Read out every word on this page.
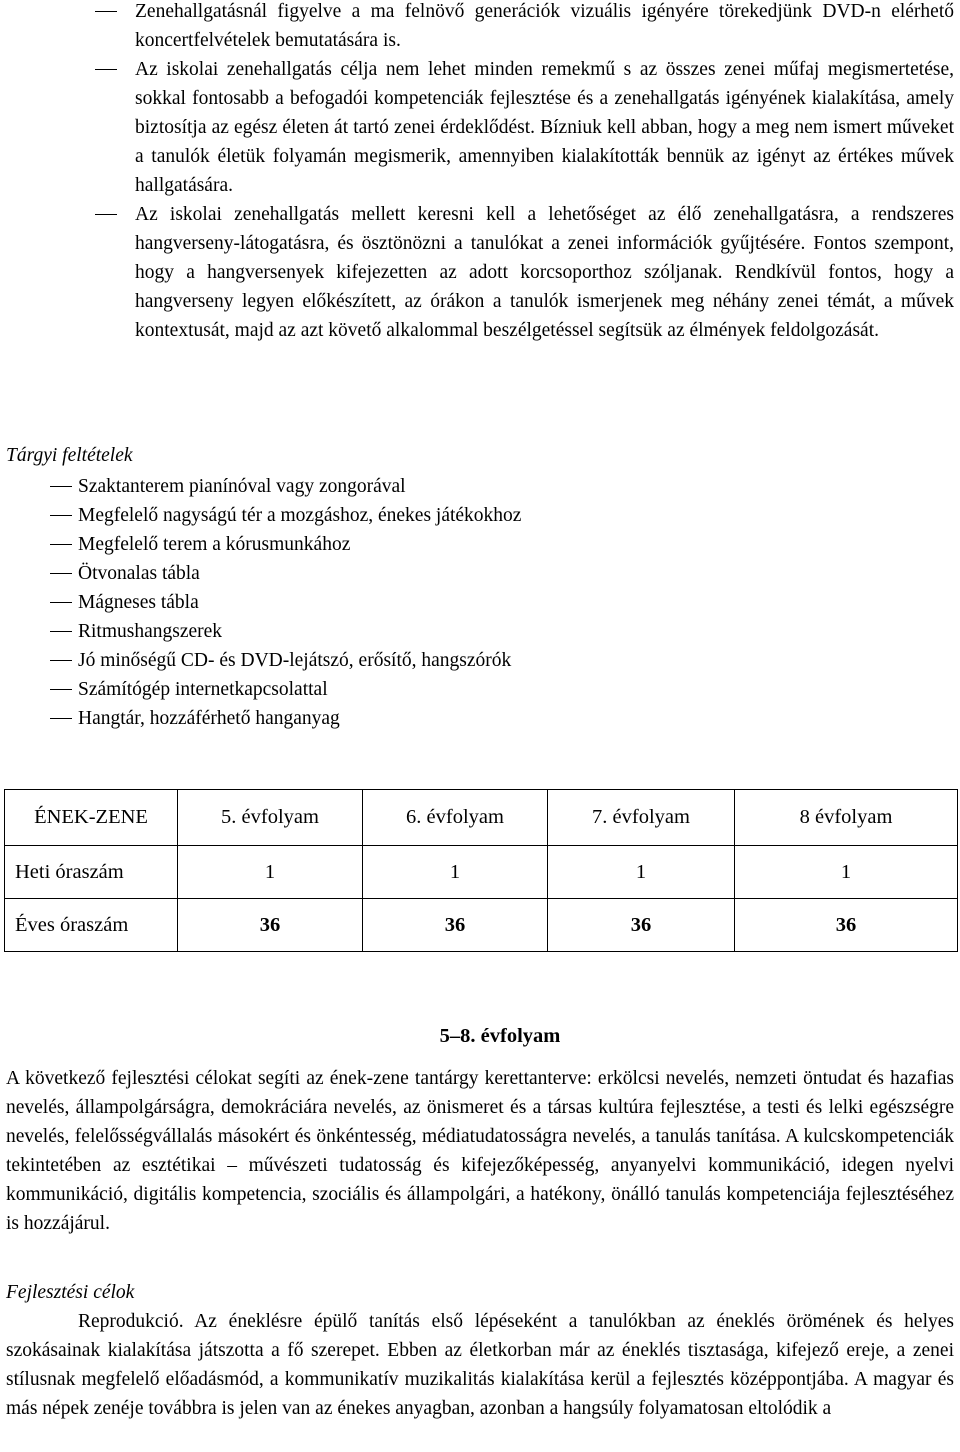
Zenehallgatásnál figyelve a ma felnövő generációk vizuális igényére törekedjünk DVD-n elérhető koncertfelvételek bemutatására is.
Az iskolai zenehallgatás célja nem lehet minden remekmű s az összes zenei műfaj megismertetése, sokkal fontosabb a befogadói kompetenciák fejlesztése és a zenehallgatás igényének kialakítása, amely biztosítja az egész életen át tartó zenei érdeklődést. Bízniuk kell abban, hogy a meg nem ismert műveket a tanulók életük folyamán megismerik, amennyiben kialakították bennük az igényt az értékes művek hallgatására.
Az iskolai zenehallgatás mellett keresni kell a lehetőséget az élő zenehallgatásra, a rendszeres hangverseny-látogatásra, és ösztönözni a tanulókat a zenei információk gyűjtésére. Fontos szempont, hogy a hangversenyek kifejezetten az adott korcsoporthoz szóljanak. Rendkívül fontos, hogy a hangverseny legyen előkészített, az órákon a tanulók ismerjenek meg néhány zenei témát, a művek kontextusát, majd az azt követő alkalommal beszélgetéssel segítsük az élmények feldolgozását.
Tárgyi feltételek
Szaktanterem pianínóval vagy zongorával
Megfelelő nagyságú tér a mozgáshoz, énekes játékokhoz
Megfelelő terem a kórusmunkához
Ötvonalas tábla
Mágneses tábla
Ritmushangszerek
Jó minőségű CD- és DVD-lejátszó, erősítő, hangszórók
Számítógép internetkapcsolattal
Hangtár, hozzáférhető hanganyag
ÉNEK-ZENE	5. évfolyam	6. évfolyam	7. évfolyam	8 évfolyam
Heti óraszám	1	1	1	1
Éves óraszám	36	36	36	36
5–8. évfolyam
A következő fejlesztési célokat segíti az ének-zene tantárgy kerettanterve: erkölcsi nevelés, nemzeti öntudat és hazafias nevelés, állampolgárságra, demokráciára nevelés, az önismeret és a társas kultúra fejlesztése, a testi és lelki egészségre nevelés, felelősségvállalás másokért és önkéntesség, médiatudatosságra nevelés, a tanulás tanítása. A kulcskompetenciák tekintetében az esztétikai – művészeti tudatosság és kifejezőképesség, anyanyelvi kommunikáció, idegen nyelvi kommunikáció, digitális kompetencia, szociális és állampolgári, a hatékony, önálló tanulás kompetenciája fejlesztéséhez is hozzájárul.
Fejlesztési célok
Reprodukció. Az éneklésre épülő tanítás első lépéseként a tanulókban az éneklés örömének és helyes szokásainak kialakítása játszotta a fő szerepet. Ebben az életkorban már az éneklés tisztasága, kifejező ereje, a zenei stílusnak megfelelő előadásmód, a kommunikatív muzikalitás kialakítása kerül a fejlesztés középpontjába. A magyar és más népek zenéje továbbra is jelen van az énekes anyagban, azonban a hangsúly folyamatosan eltolódik a
